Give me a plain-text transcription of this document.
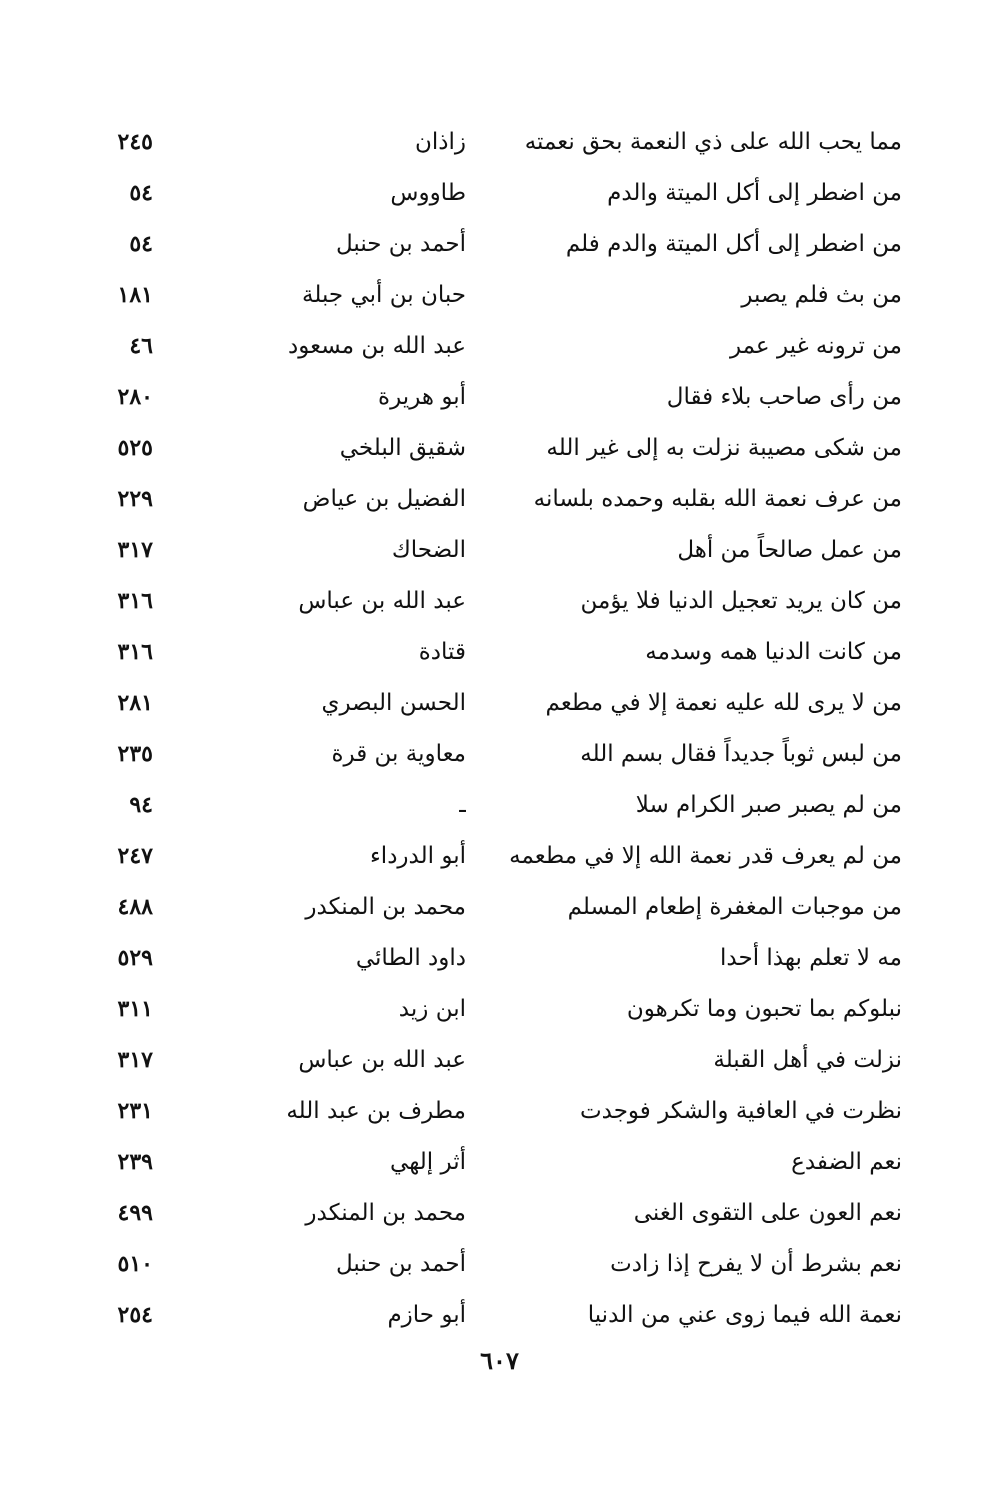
مما يحب الله على ذي النعمة بحق نعمته
زاذان
٢٤٥
من اضطر إلى أكل الميتة والدم
طاووس
٥٤
من اضطر إلى أكل الميتة والدم فلم
أحمد بن حنبل
٥٤
من بث فلم يصبر
حبان بن أبي جبلة
١٨١
من ترونه غير عمر
عبد الله بن مسعود
٤٦
من رأى صاحب بلاء فقال
أبو هريرة
٢٨٠
من شكى مصيبة نزلت به إلى غير الله
شقيق البلخي
٥٢٥
من عرف نعمة الله بقلبه وحمده بلسانه
الفضيل بن عياض
٢٢٩
من عمل صالحاً من أهل
الضحاك
٣١٧
من كان يريد تعجيل الدنيا فلا يؤمن
عبد الله بن عباس
٣١٦
من كانت الدنيا همه وسدمه
قتادة
٣١٦
من لا يرى لله عليه نعمة إلا في مطعم
الحسن البصري
٢٨١
من لبس ثوباً جديداً فقال بسم الله
معاوية بن قرة
٢٣٥
من لم يصبر صبر الكرام سلا
ـ
٩٤
من لم يعرف قدر نعمة الله إلا في مطعمه
أبو الدرداء
٢٤٧
من موجبات المغفرة إطعام المسلم
محمد بن المنكدر
٤٨٨
مه لا تعلم بهذا أحدا
داود الطائي
٥٢٩
نبلوكم بما تحبون وما تكرهون
ابن زيد
٣١١
نزلت في أهل القبلة
عبد الله بن عباس
٣١٧
نظرت في العافية والشكر فوجدت
مطرف بن عبد الله
٢٣١
نعم الضفدع
أثر إلهي
٢٣٩
نعم العون على التقوى الغنى
محمد بن المنكدر
٤٩٩
نعم بشرط أن لا يفرح إذا زادت
أحمد بن حنبل
٥١٠
نعمة الله فيما زوى عني من الدنيا
أبو حازم
٢٥٤
٦٠٧
